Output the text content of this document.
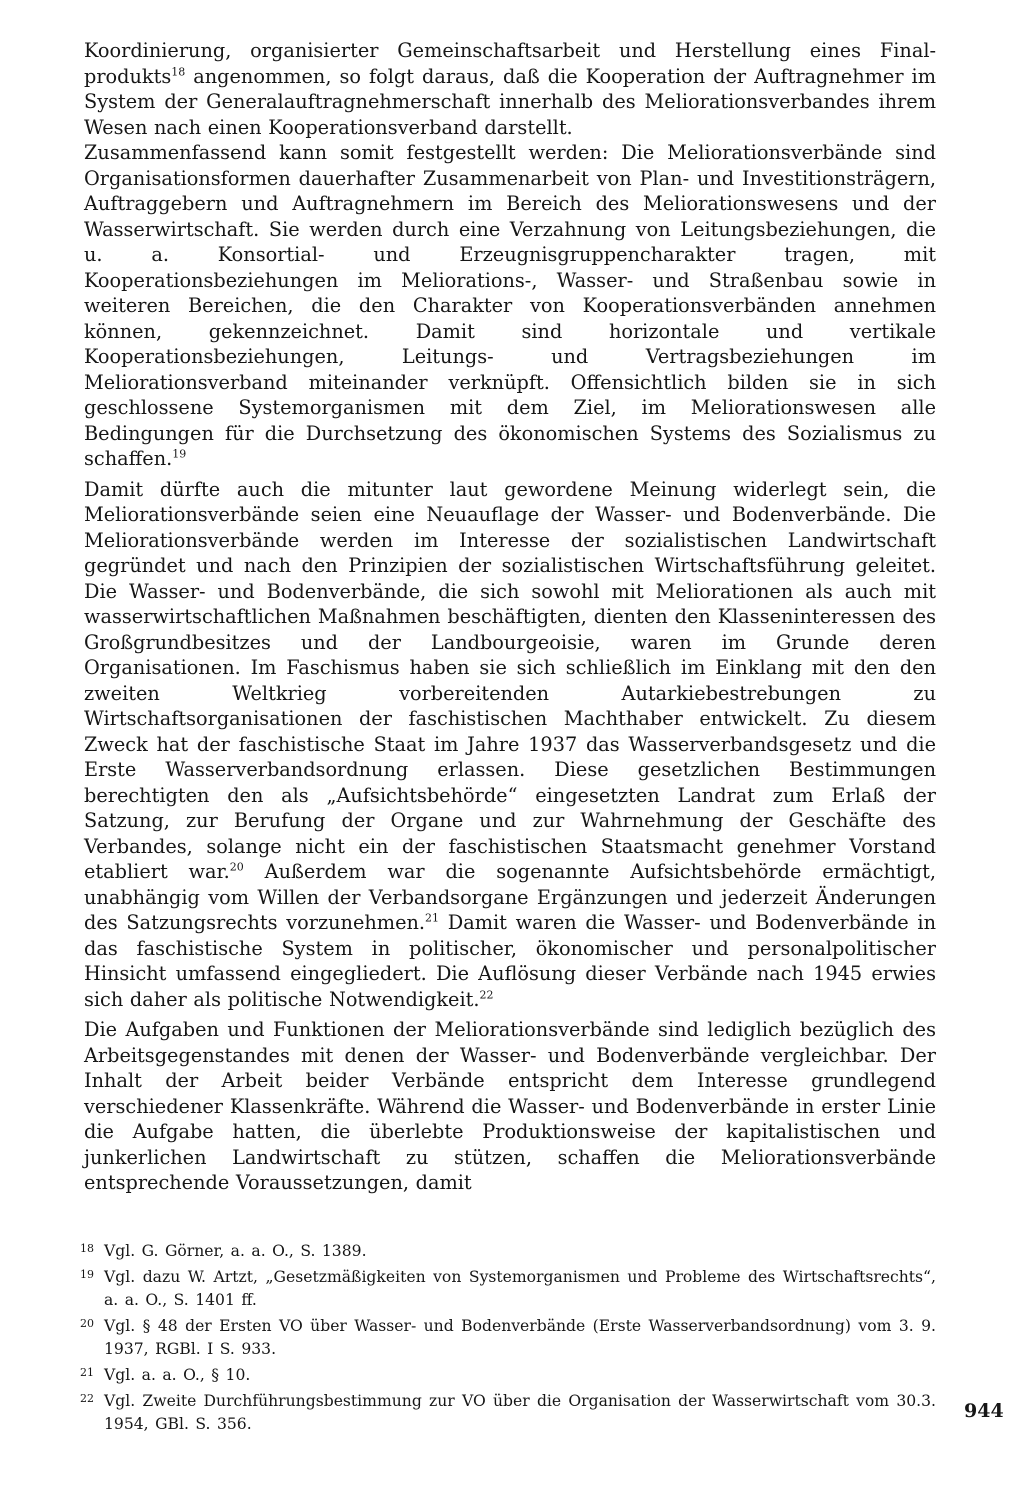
Koordinierung, organisierter Gemeinschaftsarbeit und Herstellung eines Finalprodukts$^{18}$ angenommen, so folgt daraus, daß die Kooperation der Auftragnehmer im System der Generalauftragnehmerschaft innerhalb des Meliorationsverbandes ihrem Wesen nach einen Kooperationsverband darstellt.

Zusammenfassend kann somit festgestellt werden: Die Meliorationsverbände sind Organisationsformen dauerhafter Zusammenarbeit von Plan- und Investitionsträgern, Auftraggebern und Auftragnehmern im Bereich des Meliorationswesens und der Wasserwirtschaft. Sie werden durch eine Verzahnung von Leitungsbeziehungen, die u. a. Konsortial- und Erzeugnisgruppencharakter tragen, mit Kooperationsbeziehungen im Meliorations-, Wasser- und Straßenbau sowie in weiteren Bereichen, die den Charakter von Kooperationsverbänden annehmen können, gekennzeichnet. Damit sind horizontale und vertikale Kooperationsbeziehungen, Leitungs- und Vertragsbeziehungen im Meliorationsverband miteinander verknüpft. Offensichtlich bilden sie in sich geschlossene Systemorganismen mit dem Ziel, im Meliorationswesen alle Bedingungen für die Durchsetzung des ökonomischen Systems des Sozialismus zu schaffen.$^{19}$

Damit dürfte auch die mitunter laut gewordene Meinung widerlegt sein, die Meliorationsverbände seien eine Neuauflage der Wasser- und Bodenverbände. Die Meliorationsverbände werden im Interesse der sozialistischen Landwirtschaft gegründet und nach den Prinzipien der sozialistischen Wirtschaftsführung geleitet. Die Wasser- und Bodenverbände, die sich sowohl mit Meliorationen als auch mit wasserwirtschaftlichen Maßnahmen beschäftigten, dienten den Klasseninteressen des Großgrundbesitzes und der Landbourgeoisie, waren im Grunde deren Organisationen. Im Faschismus haben sie sich schließlich im Einklang mit den den zweiten Weltkrieg vorbereitenden Autarkiebestrebungen zu Wirtschaftsorganisationen der faschistischen Machthaber entwickelt. Zu diesem Zweck hat der faschistische Staat im Jahre 1937 das Wasserverbandsgesetz und die Erste Wasserverbandsordnung erlassen. Diese gesetzlichen Bestimmungen berechtigten den als „Aufsichtsbehörde“ eingesetzten Landrat zum Erlaß der Satzung, zur Berufung der Organe und zur Wahrnehmung der Geschäfte des Verbandes, solange nicht ein der faschistischen Staatsmacht genehmer Vorstand etabliert war.$^{20}$ Außerdem war die sogenannte Aufsichtsbehörde ermächtigt, unabhängig vom Willen der Verbandsorgane Ergänzungen und jederzeit Änderungen des Satzungsrechts vorzunehmen.$^{21}$ Damit waren die Wasser- und Bodenverbände in das faschistische System in politischer, ökonomischer und personalpolitischer Hinsicht umfassend eingegliedert. Die Auflösung dieser Verbände nach 1945 erwies sich daher als politische Notwendigkeit.$^{22}$

Die Aufgaben und Funktionen der Meliorationsverbände sind lediglich bezüglich des Arbeitsgegenstandes mit denen der Wasser- und Bodenverbände vergleichbar. Der Inhalt der Arbeit beider Verbände entspricht dem Interesse grundlegend verschiedener Klassenkräfte. Während die Wasser- und Bodenverbände in erster Linie die Aufgabe hatten, die überlebte Produktionsweise der kapitalistischen und junkerlichen Landwirtschaft zu stützen, schaffen die Meliorationsverbände entsprechende Voraussetzungen, damit

18 Vgl. G. Görner, a. a. O., S. 1389.
19 Vgl. dazu W. Artzt, „Gesetzmäßigkeiten von Systemorganismen und Probleme des Wirtschaftsrechts“, a. a. O., S. 1401 ff.
20 Vgl. § 48 der Ersten VO über Wasser- und Bodenverbände (Erste Wasserverbandsordnung) vom 3. 9. 1937, RGBl. I S. 933.
21 Vgl. a. a. O., § 10.
22 Vgl. Zweite Durchführungsbestimmung zur VO über die Organisation der Wasserwirtschaft vom 30.3. 1954, GBl. S. 356.
944
